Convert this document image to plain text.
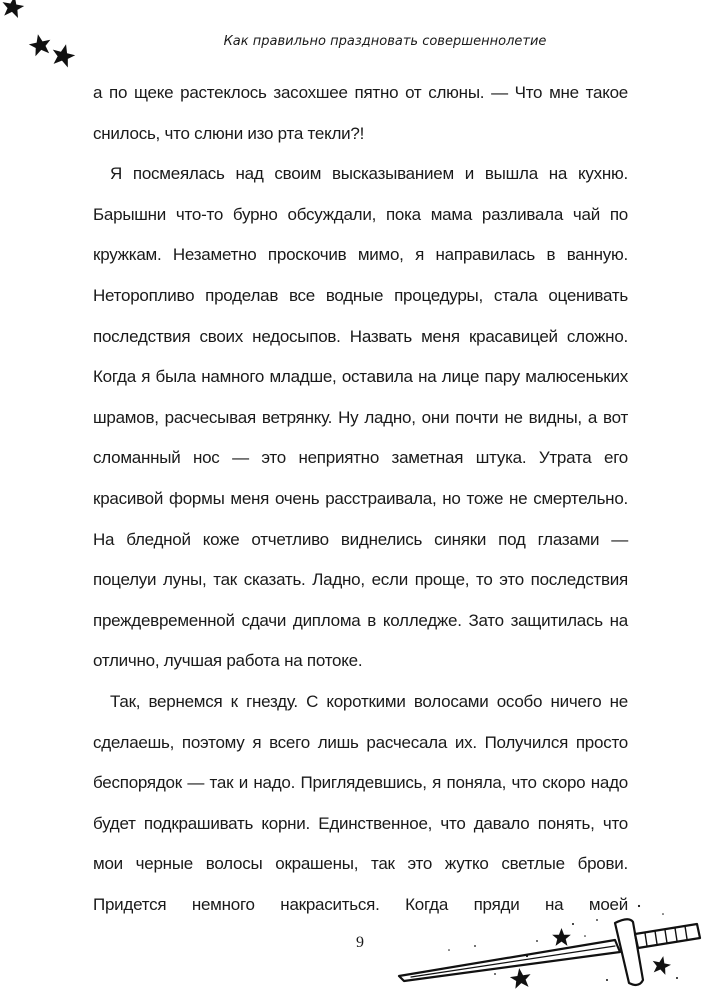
Как правильно праздновать совершеннолетие

а по щеке растеклось засохшее пятно от слюны. — Что мне такое снилось, что слюни изо рта текли?!

Я посмеялась над своим высказыванием и вышла на кухню. Барышни что-то бурно обсуждали, пока мама разливала чай по кружкам. Незаметно проскочив мимо, я направилась в ванную. Неторопливо проделав все водные процедуры, стала оценивать последствия своих недосыпов. Назвать меня красавицей сложно. Когда я была намного младше, оставила на лице пару малюсеньких шрамов, расчесывая ветрянку. Ну ладно, они почти не видны, а вот сломанный нос — это неприятно заметная штука. Утрата его красивой формы меня очень расстраивала, но тоже не смертельно. На бледной коже отчетливо виднелись синяки под глазами — поцелуи луны, так сказать. Ладно, если проще, то это последствия преждевременной сдачи диплома в колледже. Зато защитилась на отлично, лучшая работа на потоке.

Так, вернемся к гнезду. С короткими волосами особо ничего не сделаешь, поэтому я всего лишь расчесала их. Получился просто беспорядок — так и надо. Приглядевшись, я поняла, что скоро надо будет подкрашивать корни. Единственное, что давало понять, что мои черные волосы окрашены, так это жутко светлые брови. Придется немного накраситься. Когда пряди на моей

9
